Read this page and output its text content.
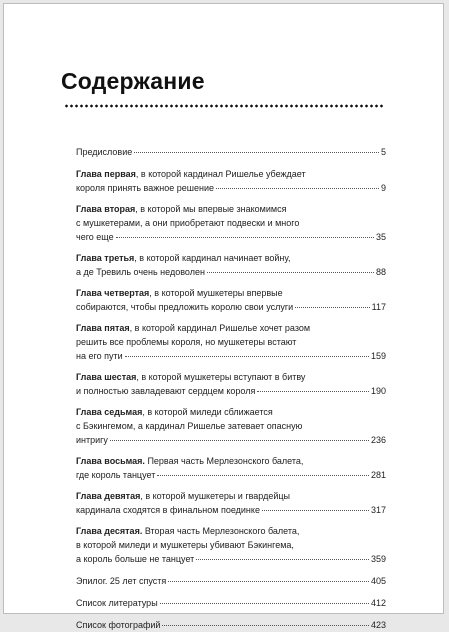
Содержание
Предисловие	5
Глава первая , в которой кардинал Ришелье убеждает
короля принять важное решение	9
Глава вторая , в которой мы впервые знакомимся
с мушкетерами, а они приобретают подвески и много
чего еще	35
Глава третья , в которой кардинал начинает войну,
а де Тревиль очень недоволен	88
Глава четвертая , в которой мушкетеры впервые
собираются, чтобы предложить королю свои услуги	117
Глава пятая , в которой кардинал Ришелье хочет разом
решить все проблемы короля, но мушкетеры встают
на его пути	159
Глава шестая , в которой мушкетеры вступают в битву
и полностью завладевают сердцем короля	190
Глава седьмая , в которой миледи сближается
с Бэкингемом, а кардинал Ришелье затевает опасную
интригу	236
Глава восьмая. Первая часть Мерлезонского балета,
где король танцует	281
Глава девятая , в которой мушкетеры и гвардейцы
кардинала сходятся в финальном поединке	317
Глава десятая. Вторая часть Мерлезонского балета,
в которой миледи и мушкетеры убивают Бэкингема,
а король больше не танцует	359
Эпилог. 25 лет спустя	405
Список литературы	412
Список фотографий	423
